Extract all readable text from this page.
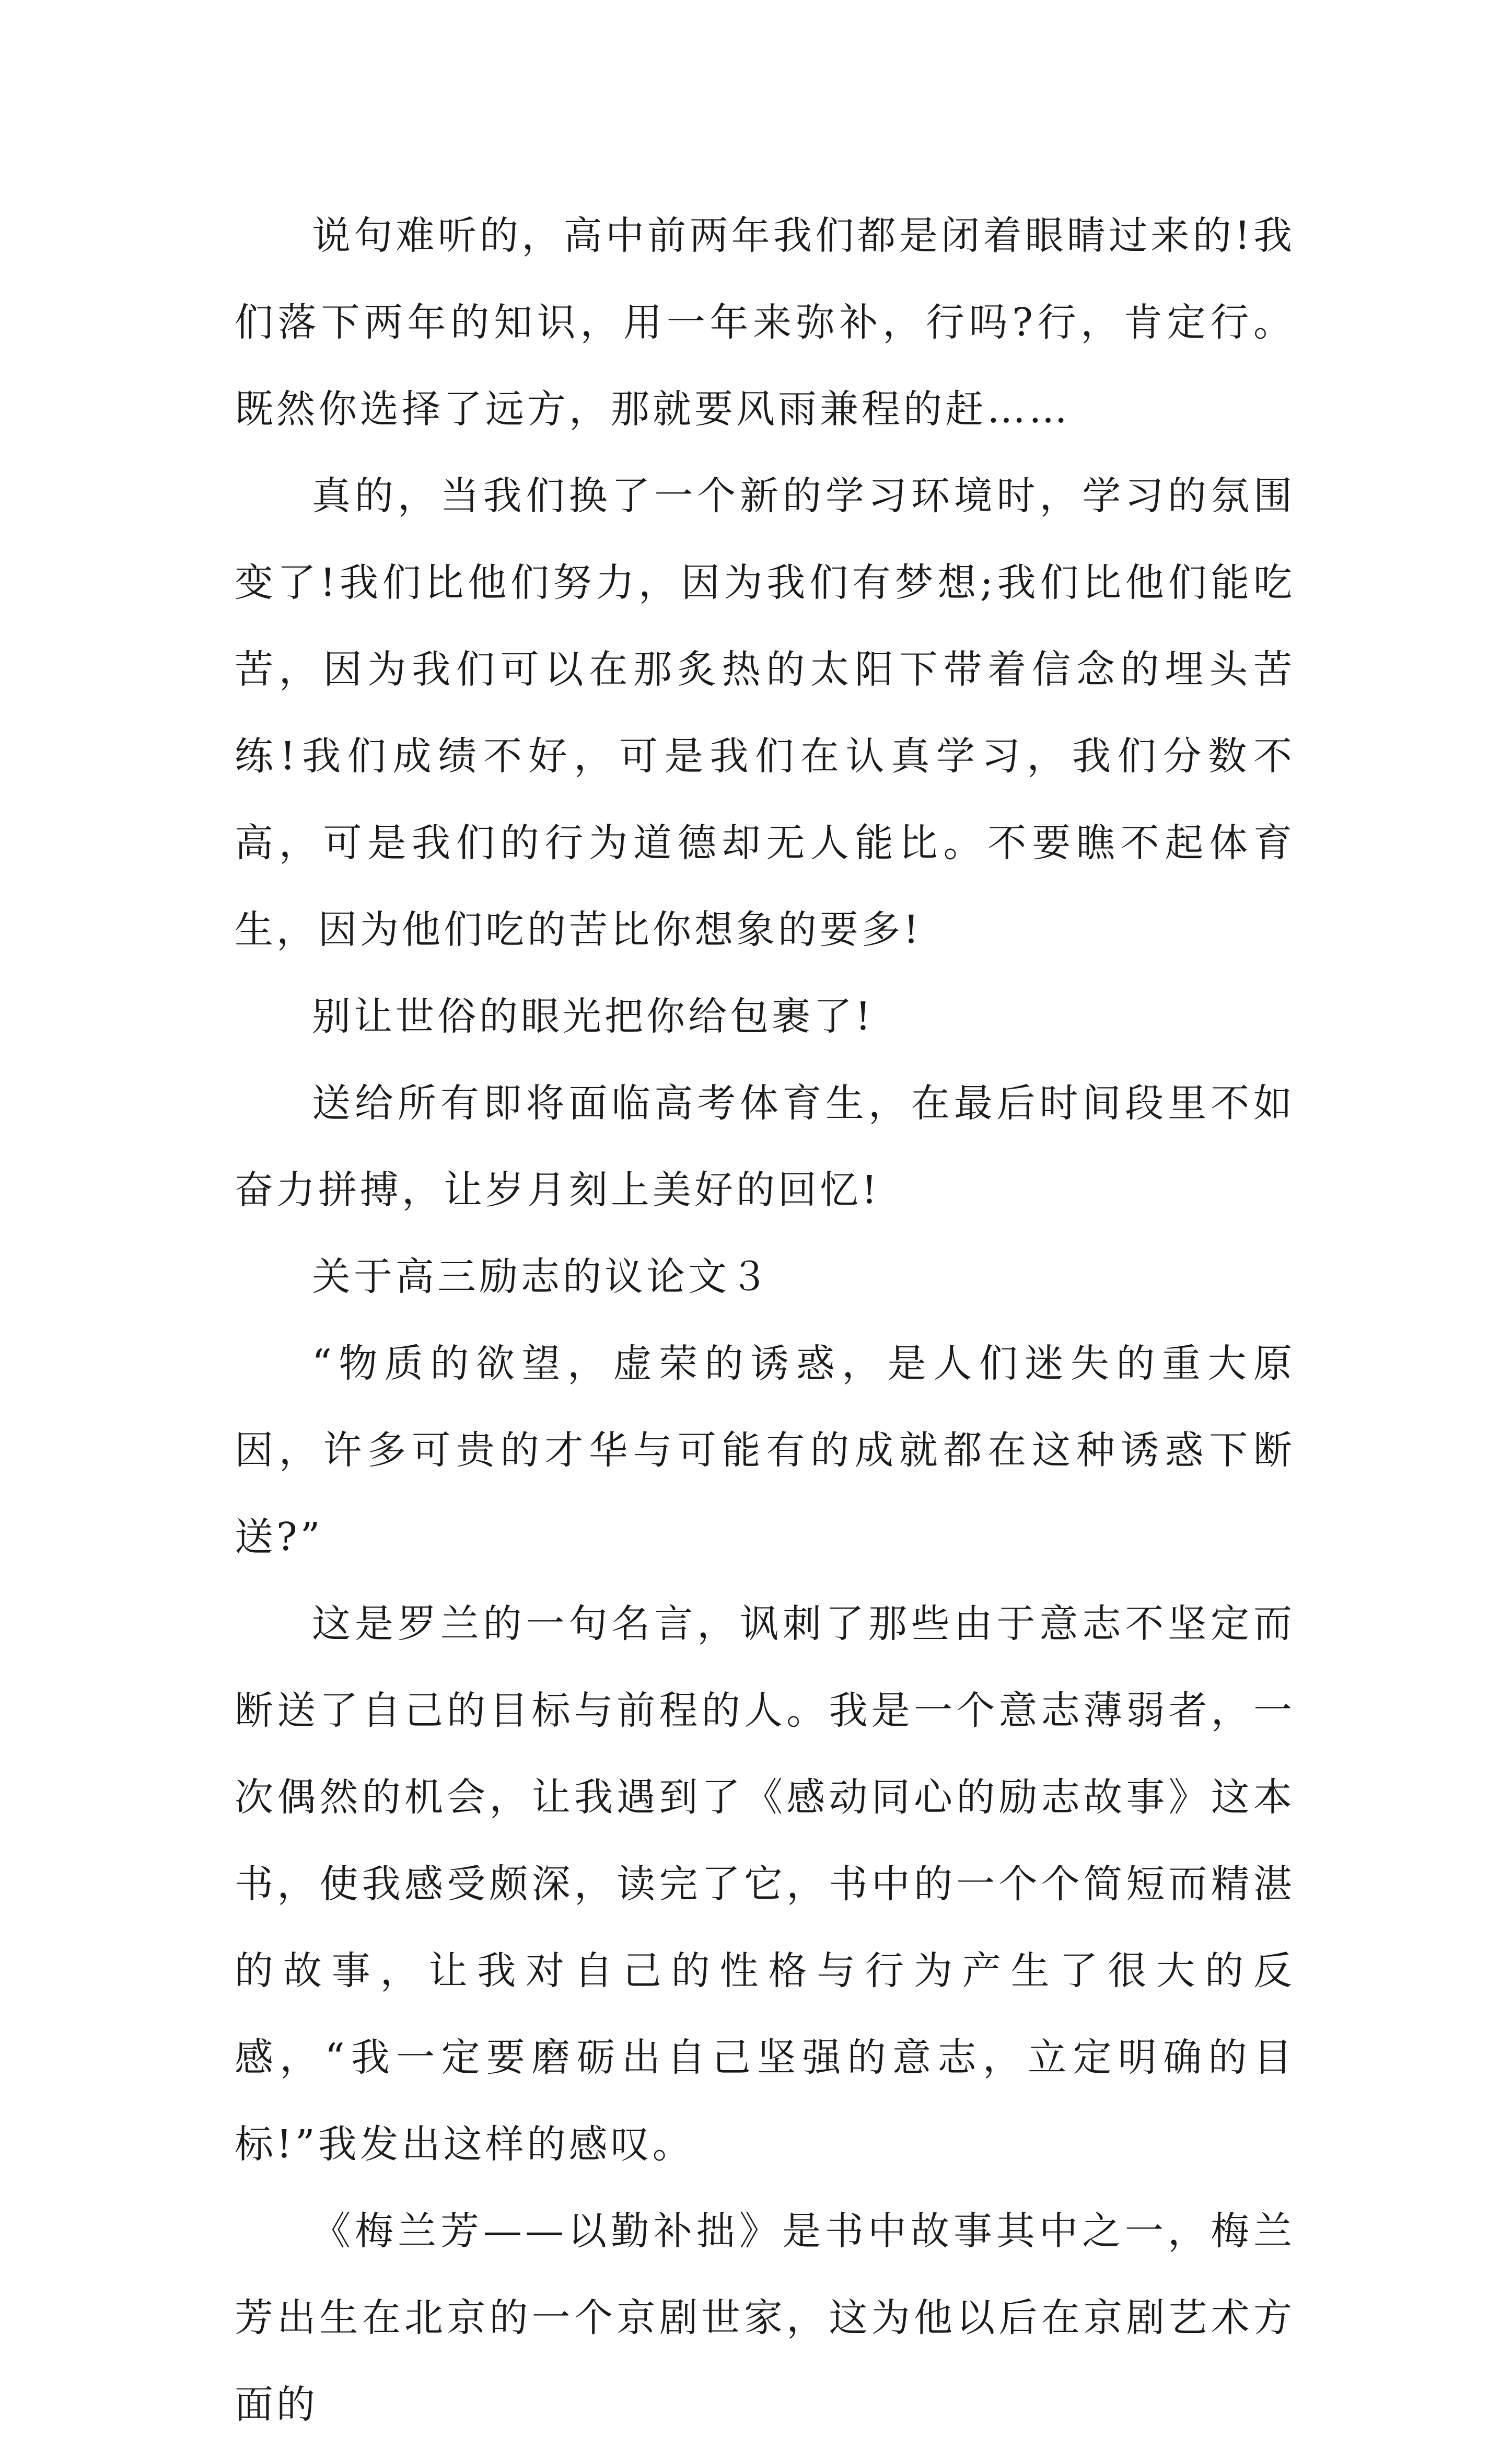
说句难听的，高中前两年我们都是闭着眼睛过来的!我们落下两年的知识，用一年来弥补，行吗?行，肯定行。既然你选择了远方，那就要风雨兼程的赶……

真的，当我们换了一个新的学习环境时，学习的氛围变了!我们比他们努力，因为我们有梦想;我们比他们能吃苦，因为我们可以在那炙热的太阳下带着信念的埋头苦练!我们成绩不好，可是我们在认真学习，我们分数不高，可是我们的行为道德却无人能比。不要瞧不起体育生，因为他们吃的苦比你想象的要多!

别让世俗的眼光把你给包裹了!

送给所有即将面临高考体育生，在最后时间段里不如奋力拼搏，让岁月刻上美好的回忆!

关于高三励志的议论文３

“物质的欲望，虚荣的诱惑，是人们迷失的重大原因，许多可贵的才华与可能有的成就都在这种诱惑下断送?”

这是罗兰的一句名言，讽刺了那些由于意志不坚定而断送了自己的目标与前程的人。我是一个意志薄弱者，一次偶然的机会，让我遇到了《感动同心的励志故事》这本书，使我感受颇深，读完了它，书中的一个个简短而精湛的故事，让我对自己的性格与行为产生了很大的反感，“我一定要磨砺出自己坚强的意志，立定明确的目标!”我发出这样的感叹。

《梅兰芳——以勤补拙》是书中故事其中之一，梅兰芳出生在北京的一个京剧世家，这为他以后在京剧艺术方面的
